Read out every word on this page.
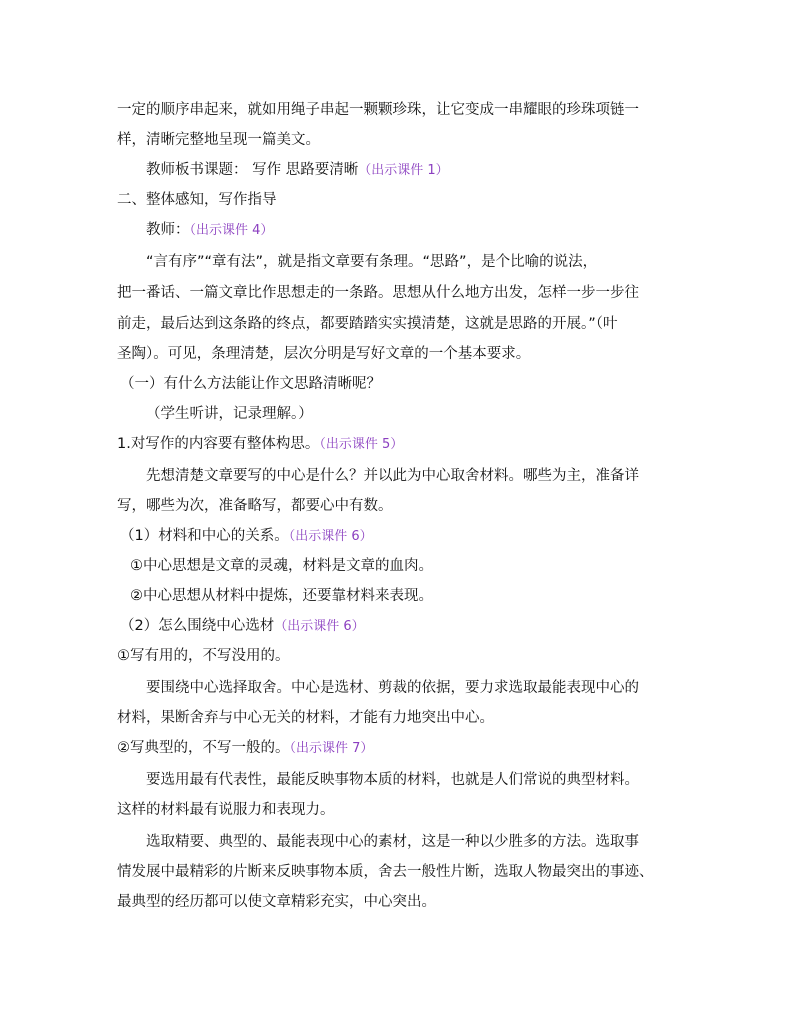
一定的顺序串起来，就如用绳子串起一颗颗珍珠，让它变成一串耀眼的珍珠项链一
样，清晰完整地呈现一篇美文。
教师板书课题： 写作 思路要清晰（出示课件 1）
二、整体感知，写作指导
教师：（出示课件 4）
“言有序”“章有法”，就是指文章要有条理。“思路”，是个比喻的说法，
把一番话、一篇文章比作思想走的一条路。思想从什么地方出发，怎样一步一步往
前走，最后达到这条路的终点，都要踏踏实实摸清楚，这就是思路的开展。”（叶
圣陶）。可见，条理清楚，层次分明是写好文章的一个基本要求。
（一）有什么方法能让作文思路清晰呢？
（学生听讲，记录理解。）
1.对写作的内容要有整体构思。（出示课件 5）
先想清楚文章要写的中心是什么？并以此为中心取舍材料。哪些为主，准备详
写，哪些为次，准备略写，都要心中有数。
（1）材料和中心的关系。（出示课件 6）
①中心思想是文章的灵魂，材料是文章的血肉。
②中心思想从材料中提炼，还要靠材料来表现。
（2）怎么围绕中心选材（出示课件 6）
①写有用的，不写没用的。
要围绕中心选择取舍。中心是选材、剪裁的依据，要力求选取最能表现中心的
材料，果断舍弃与中心无关的材料，才能有力地突出中心。
②写典型的，不写一般的。（出示课件 7）
要选用最有代表性，最能反映事物本质的材料，也就是人们常说的典型材料。
这样的材料最有说服力和表现力。
选取精要、典型的、最能表现中心的素材，这是一种以少胜多的方法。选取事
情发展中最精彩的片断来反映事物本质，舍去一般性片断，选取人物最突出的事迹、
最典型的经历都可以使文章精彩充实，中心突出。
